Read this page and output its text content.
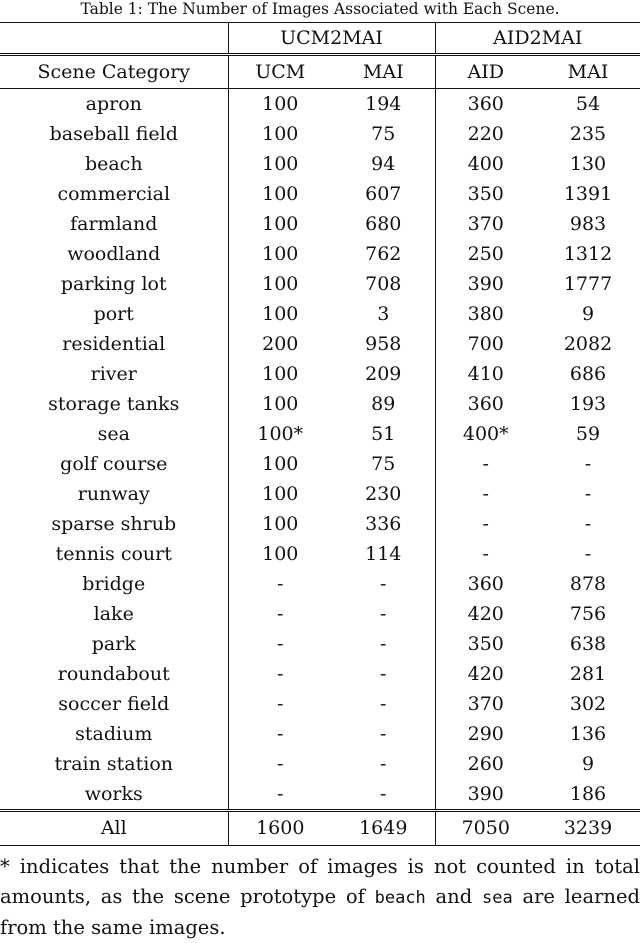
Table 1: The Number of Images Associated with Each Scene.
	UCM2MAI		AID2MAI	
Scene Category	UCM	MAI	AID	MAI
apron	100	194	360	54
baseball field	100	75	220	235
beach	100	94	400	130
commercial	100	607	350	1391
farmland	100	680	370	983
woodland	100	762	250	1312
parking lot	100	708	390	1777
port	100	3	380	9
residential	200	958	700	2082
river	100	209	410	686
storage tanks	100	89	360	193
sea	100*	51	400*	59
golf course	100	75	-	-
runway	100	230	-	-
sparse shrub	100	336	-	-
tennis court	100	114	-	-
bridge	-	-	360	878
lake	-	-	420	756
park	-	-	350	638
roundabout	-	-	420	281
soccer field	-	-	370	302
stadium	-	-	290	136
train station	-	-	260	9
works	-	-	390	186
All	1600	1649	7050	3239

* indicates that the number of images is not counted in total amounts, as the scene prototype of beach and sea are learned from the same images.
